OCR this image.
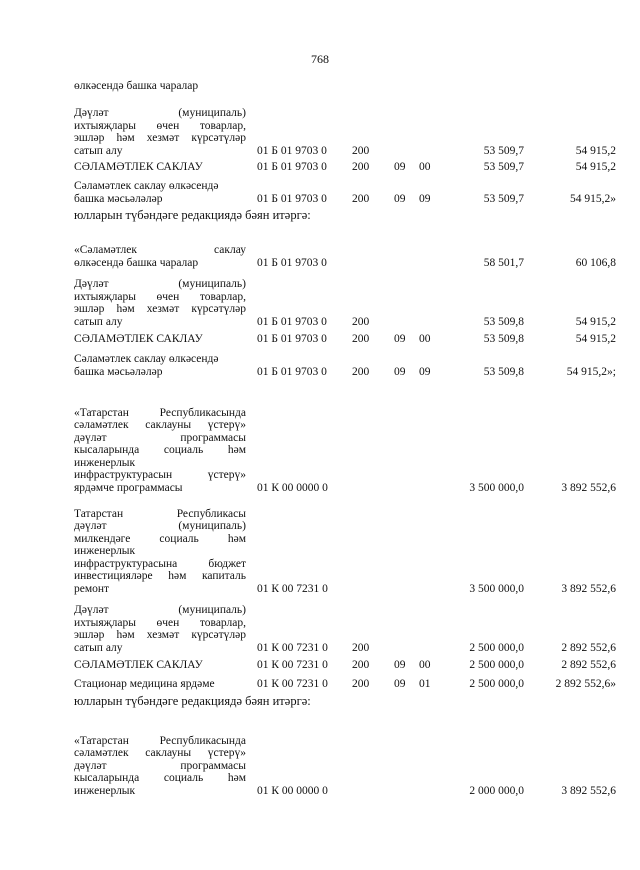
768
өлкәсендә башка чаралар
Дәүләт (муниципаль)
ихтыяҗлары өчен товарлар,
эшләр һәм хезмәт күрсәтүләр
сатып алу	01 Б 01 9703 0 200	53 509,7	54 915,2
СӘЛАМӘТЛЕК САКЛАУ	01 Б 01 9703 0 200 09 00	53 509,7	54 915,2
Сәламәтлек саклау өлкәсендә
башка мәсьәләләр	01 Б 01 9703 0 200 09 09	53 509,7	54 915,2»
юлларын түбәндәге редакциядә бәян итәргә:
«Сәламәтлек саклау
өлкәсендә башка чаралар	01 Б 01 9703 0	58 501,7	60 106,8
Дәүләт (муниципаль)
ихтыяҗлары өчен товарлар,
эшләр һәм хезмәт күрсәтүләр
сатып алу	01 Б 01 9703 0 200	53 509,8	54 915,2
СӘЛАМӘТЛЕК САКЛАУ	01 Б 01 9703 0 200 09 00	53 509,8	54 915,2
Сәламәтлек саклау өлкәсендә
башка мәсьәләләр	01 Б 01 9703 0 200 09 09	53 509,8	54 915,2»;
«Татарстан Республикасында
сәламәтлек саклауны үстерү»
дәүләт программасы
кысаларында социаль һәм
инженерлык
инфраструктурасын үстерү»
ярдәмче программасы	01 К 00 0000 0	3 500 000,0	3 892 552,6
Татарстан Республикасы
дәүләт (муниципаль)
милкендәге социаль һәм
инженерлык
инфраструктурасына бюджет
инвестицияләре һәм капиталь
ремонт	01 К 00 7231 0	3 500 000,0	3 892 552,6
Дәүләт (муниципаль)
ихтыяҗлары өчен товарлар,
эшләр һәм хезмәт күрсәтүләр
сатып алу	01 К 00 7231 0 200	2 500 000,0	2 892 552,6
СӘЛАМӘТЛЕК САКЛАУ	01 К 00 7231 0 200 09 00	2 500 000,0	2 892 552,6
Стационар медицина ярдәме	01 К 00 7231 0 200 09 01	2 500 000,0	2 892 552,6»
юлларын түбәндәге редакциядә бәян итәргә:
«Татарстан Республикасында
сәламәтлек саклауны үстерү»
дәүләт программасы
кысаларында социаль һәм
инженерлык	01 К 00 0000 0	2 000 000,0	3 892 552,6
